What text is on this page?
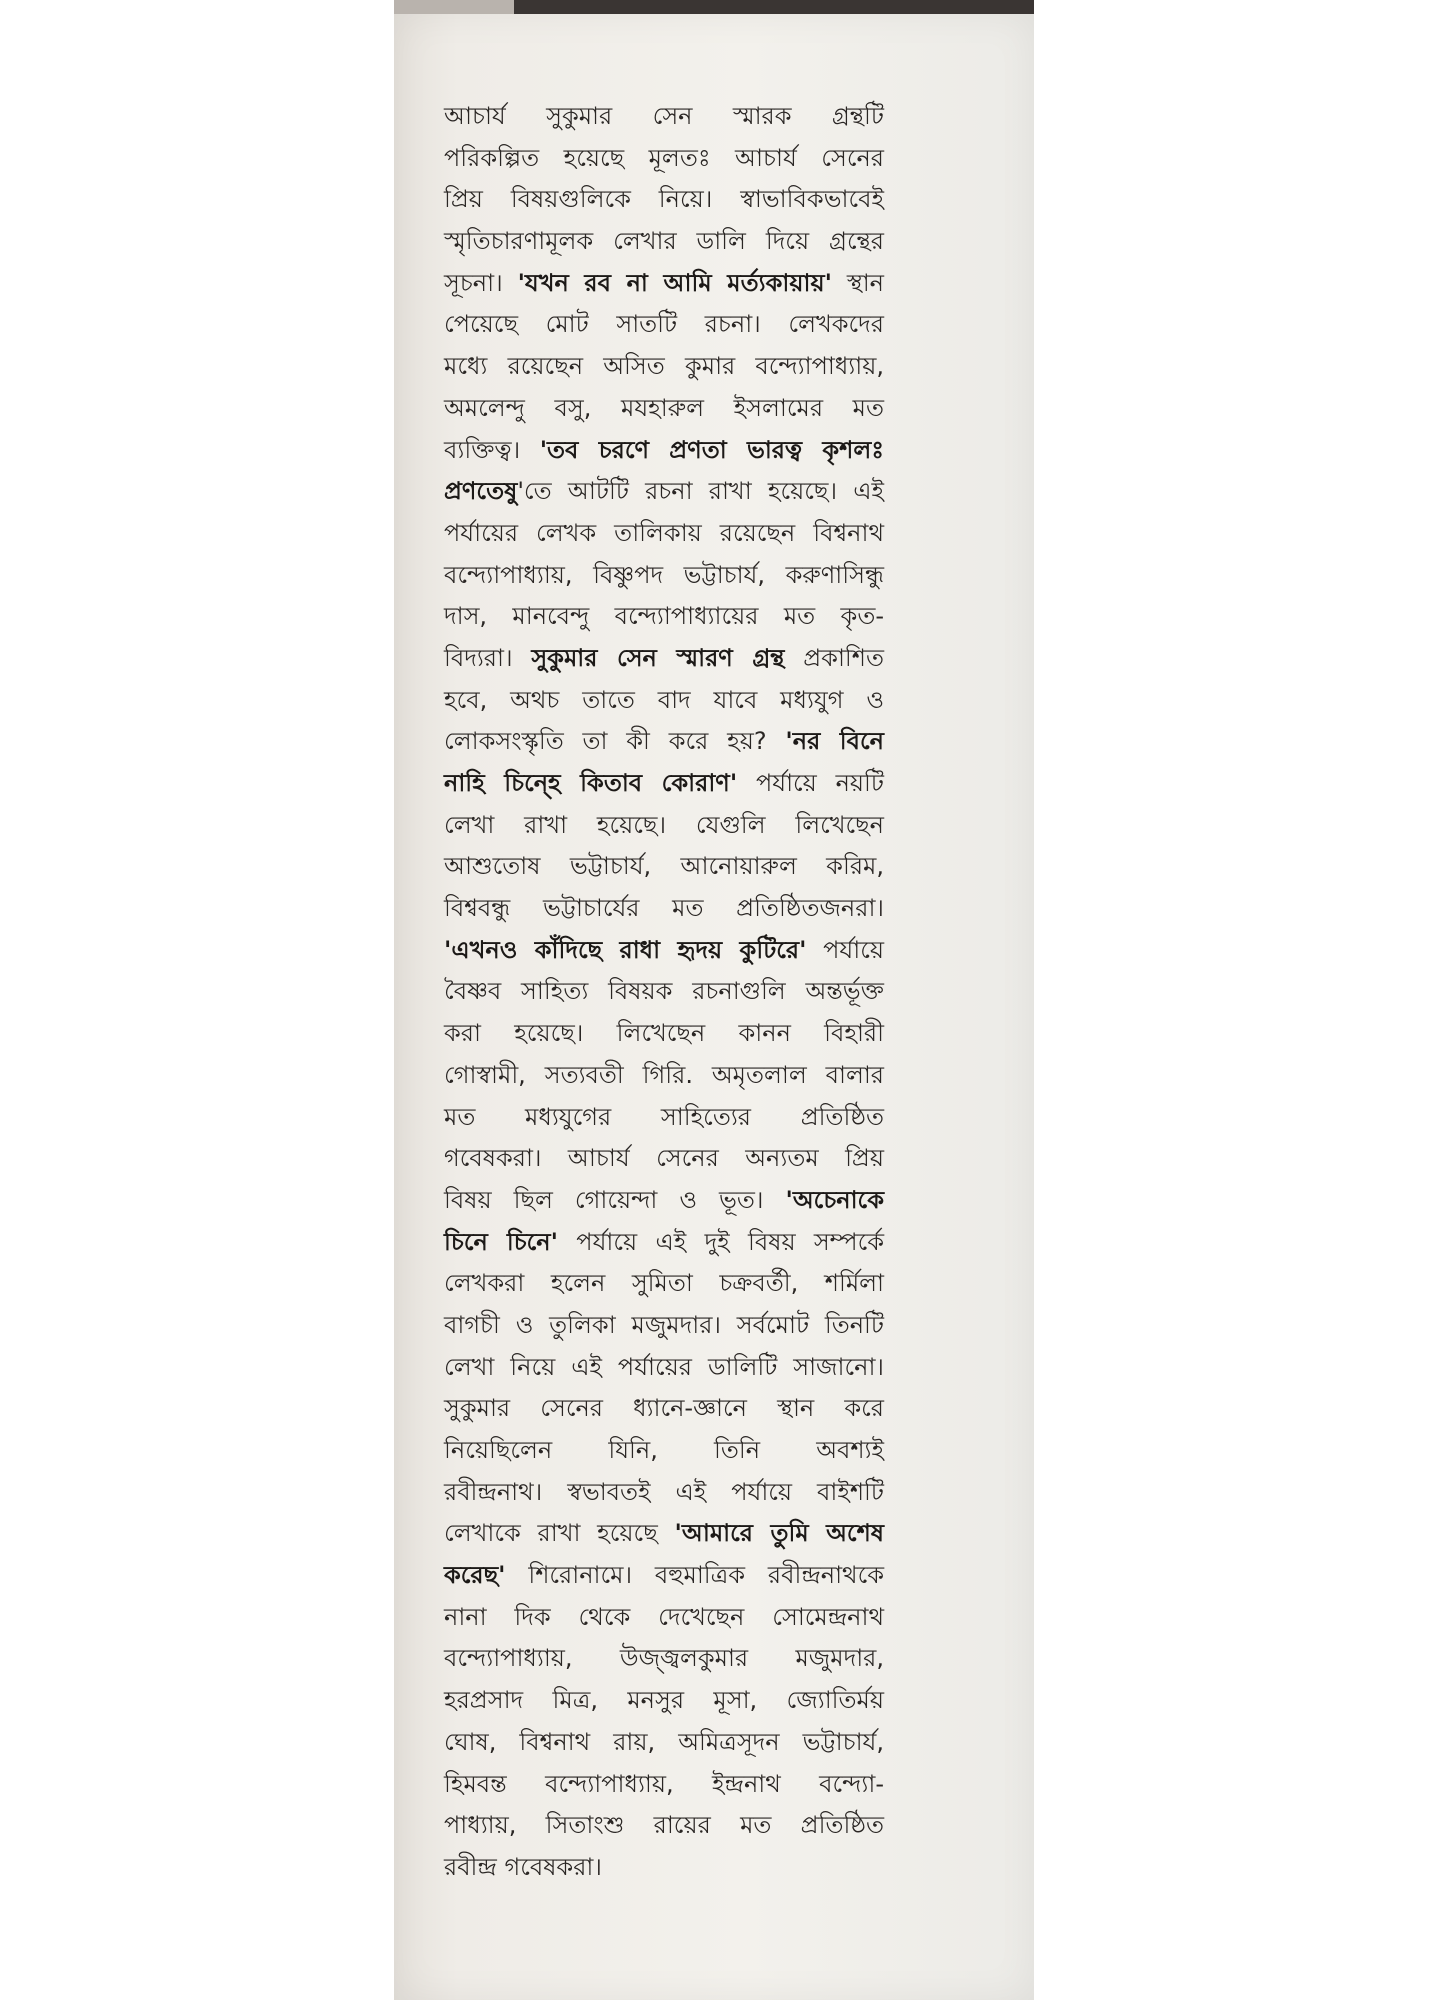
আচার্য সুকুমার সেন স্মারক গ্রন্থটি
পরিকল্পিত হয়েছে মূলতঃ আচার্য সেনের
প্রিয় বিষয়গুলিকে নিয়ে। স্বাভাবিকভাবেই
স্মৃতিচারণামূলক লেখার ডালি দিয়ে গ্রন্থের
সূচনা। 'যখন রব না আমি মর্ত্যকায়ায়' স্থান
পেয়েছে মোট সাতটি রচনা। লেখকদের
মধ্যে রয়েছেন অসিত কুমার বন্দ্যোপাধ্যায়,
অমলেন্দু বসু, মযহারুল ইসলামের মত
ব্যক্তিত্ব। 'তব চরণে প্রণতা ভারত্ব কৃশলঃ
প্রণতেষু'তে আটটি রচনা রাখা হয়েছে। এই
পর্যায়ের লেখক তালিকায় রয়েছেন বিশ্বনাথ
বন্দ্যোপাধ্যায়, বিষ্ণুপদ ভট্টাচার্য, করুণাসিন্ধু
দাস, মানবেন্দু বন্দ্যোপাধ্যায়ের মত কৃত-
বিদ্যরা। সুকুমার সেন স্মারণ গ্রন্থ প্রকাশিত
হবে, অথচ তাতে বাদ যাবে মধ্যযুগ ও
লোকসংস্কৃতি তা কী করে হয়? 'নর বিনে
নাহি চিন্হে কিতাব কোরাণ' পর্যায়ে নয়টি
লেখা রাখা হয়েছে। যেগুলি লিখেছেন
আশুতোষ ভট্টাচার্য, আনোয়ারুল করিম,
বিশ্ববন্ধু ভট্টাচার্যের মত প্রতিষ্ঠিতজনরা।
'এখনও কাঁদিছে রাধা হৃদয় কুটিরে' পর্যায়ে
বৈষ্ণব সাহিত্য বিষয়ক রচনাগুলি অন্তর্ভূক্ত
করা হয়েছে। লিখেছেন কানন বিহারী
গোস্বামী, সত্যবতী গিরি. অমৃতলাল বালার
মত মধ্যযুগের সাহিত্যের প্রতিষ্ঠিত
গবেষকরা। আচার্য সেনের অন্যতম প্রিয়
বিষয় ছিল গোয়েন্দা ও ভূত। 'অচেনাকে
চিনে চিনে' পর্যায়ে এই দুই বিষয় সম্পর্কে
লেখকরা হলেন সুমিতা চক্রবর্তী, শর্মিলা
বাগচী ও তুলিকা মজুমদার। সর্বমোট তিনটি
লেখা নিয়ে এই পর্যায়ের ডালিটি সাজানো।
সুকুমার সেনের ধ্যানে-জ্ঞানে স্থান করে
নিয়েছিলেন যিনি, তিনি অবশ্যই
রবীন্দ্রনাথ। স্বভাবতই এই পর্যায়ে বাইশটি
লেখাকে রাখা হয়েছে 'আমারে তুমি অশেষ
করেছ' শিরোনামে। বহুমাত্রিক রবীন্দ্রনাথকে
নানা দিক থেকে দেখেছেন সোমেন্দ্রনাথ
বন্দ্যোপাধ্যায়, উজ্জ্বলকুমার মজুমদার,
হরপ্রসাদ মিত্র, মনসুর মূসা, জ্যোতির্ময়
ঘোষ, বিশ্বনাথ রায়, অমিত্রসূদন ভট্টাচার্য,
হিমবন্ত বন্দ্যোপাধ্যায়, ইন্দ্রনাথ বন্দ্যো-
পাধ্যায়, সিতাংশু রায়ের মত প্রতিষ্ঠিত
রবীন্দ্র গবেষকরা।
